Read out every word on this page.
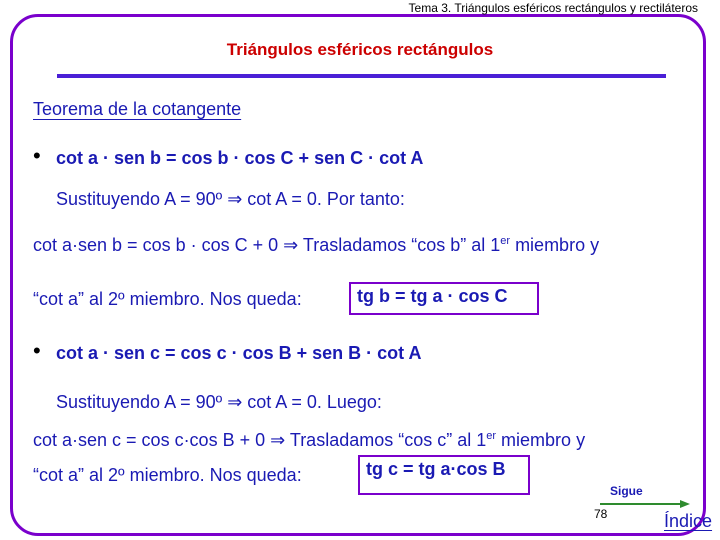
Tema 3. Triángulos esféricos rectángulos y rectiláteros
Triángulos esféricos rectángulos
Teorema de la cotangente
• cot a · sen b = cos b · cos C + sen C · cot A
Sustituyendo A = 90º ⇒ cot A = 0. Por tanto:
cot a·sen b = cos b · cos C + 0 ⇒ Trasladamos “cos b” al 1er miembro y
“cot a” al 2º miembro. Nos queda:	tg b = tg a · cos C
• cot a · sen c = cos c · cos B + sen B · cot A
Sustituyendo A = 90º ⇒ cot A = 0. Luego:
cot a·sen c = cos c·cos B + 0 ⇒ Trasladamos “cos c” al 1er miembro y
“cot a” al 2º miembro. Nos queda:	tg c = tg a·cos B
Sigue
78	Índice
